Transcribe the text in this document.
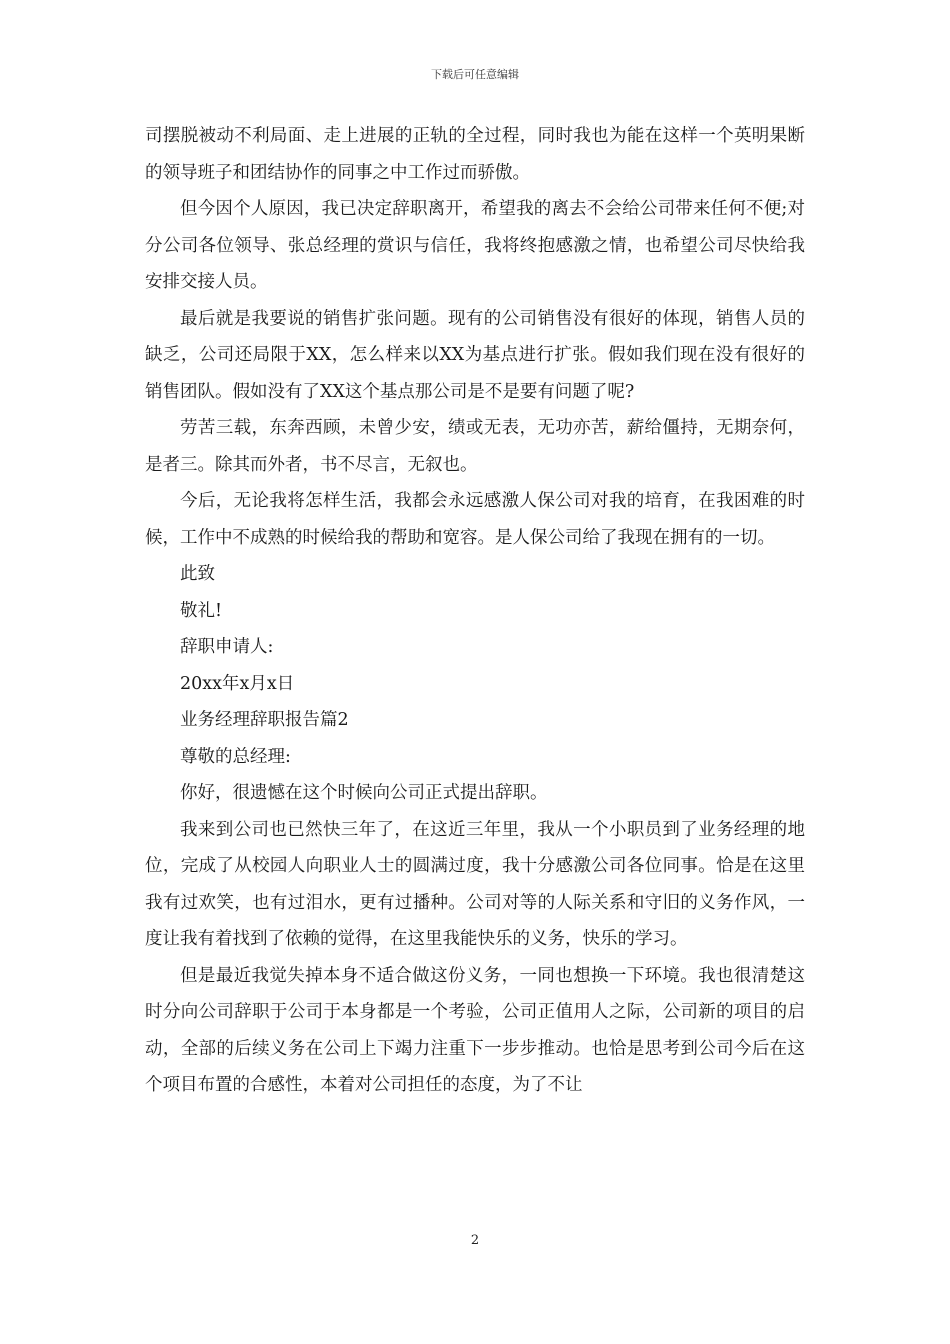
下载后可任意编辑

司摆脱被动不利局面、走上进展的正轨的全过程，同时我也为能在这样一个英明果断的领导班子和团结协作的同事之中工作过而骄傲。

但今因个人原因，我已决定辞职离开，希望我的离去不会给公司带来任何不便;对分公司各位领导、张总经理的赏识与信任，我将终抱感激之情，也希望公司尽快给我安排交接人员。

最后就是我要说的销售扩张问题。现有的公司销售没有很好的体现，销售人员的缺乏，公司还局限于XX，怎么样来以XX为基点进行扩张。假如我们现在没有很好的销售团队。假如没有了XX这个基点那公司是不是要有问题了呢?

劳苦三载，东奔西顾，未曾少安，绩或无表，无功亦苦，薪给僵持，无期奈何，是者三。除其而外者，书不尽言，无叙也。

今后，无论我将怎样生活，我都会永远感激人保公司对我的培育，在我困难的时候，工作中不成熟的时候给我的帮助和宽容。是人保公司给了我现在拥有的一切。

此致

敬礼!

辞职申请人:

20xx年x月x日

业务经理辞职报告篇2

尊敬的总经理:

你好，很遗憾在这个时候向公司正式提出辞职。

我来到公司也已然快三年了，在这近三年里，我从一个小职员到了业务经理的地位，完成了从校园人向职业人士的圆满过度，我十分感激公司各位同事。恰是在这里我有过欢笑，也有过泪水，更有过播种。公司对等的人际关系和守旧的义务作风，一度让我有着找到了依赖的觉得，在这里我能快乐的义务，快乐的学习。

但是最近我觉失掉本身不适合做这份义务，一同也想换一下环境。我也很清楚这时分向公司辞职于公司于本身都是一个考验，公司正值用人之际，公司新的项目的启动，全部的后续义务在公司上下竭力注重下一步步推动。也恰是思考到公司今后在这个项目布置的合感性，本着对公司担任的态度，为了不让

2
